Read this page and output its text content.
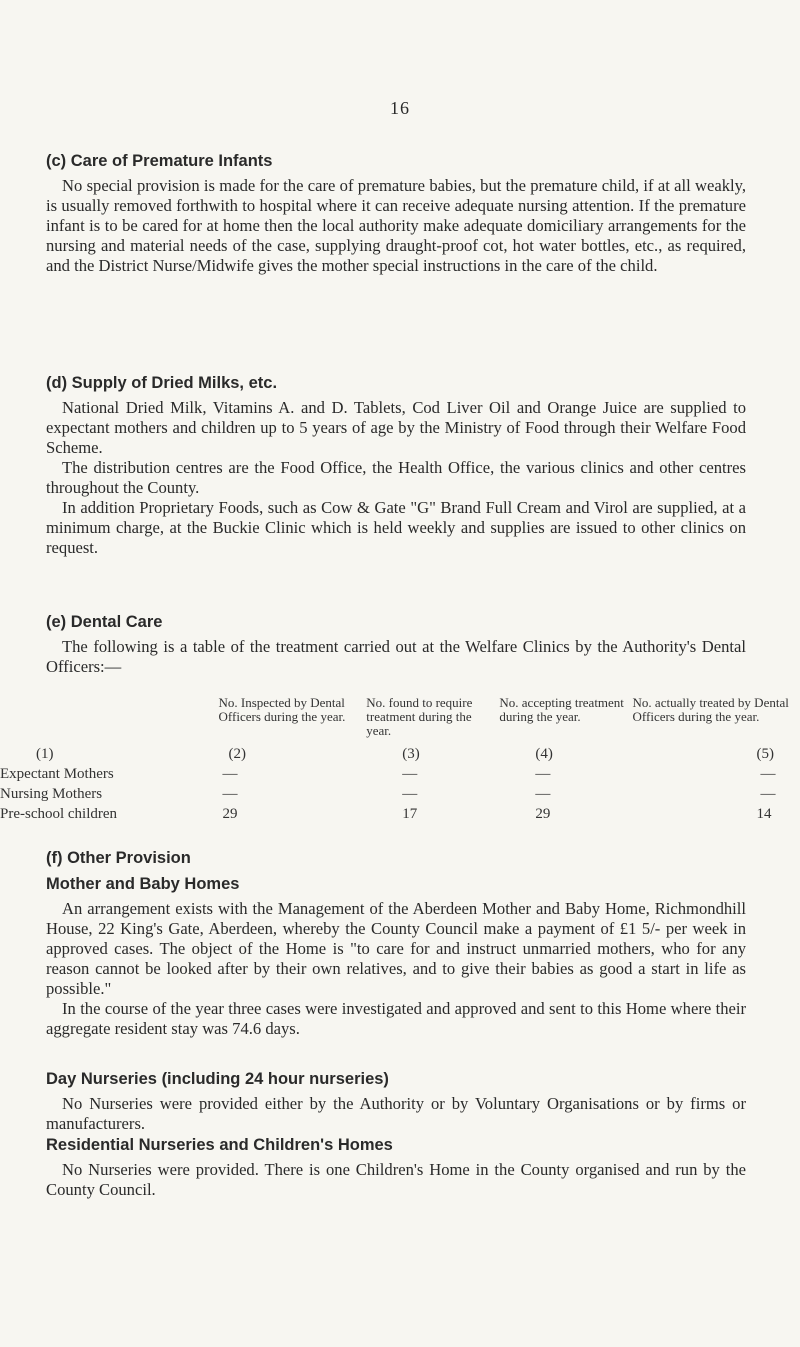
16
(c) Care of Premature Infants

No special provision is made for the care of premature babies, but the premature child, if at all weakly, is usually removed forthwith to hospital where it can receive adequate nursing attention. If the premature infant is to be cared for at home then the local authority make adequate domiciliary arrangements for the nursing and material needs of the case, supplying draught-proof cot, hot water bottles, etc., as required, and the District Nurse/Midwife gives the mother special instructions in the care of the child.

(d) Supply of Dried Milks, etc.

National Dried Milk, Vitamins A. and D. Tablets, Cod Liver Oil and Orange Juice are supplied to expectant mothers and children up to 5 years of age by the Ministry of Food through their Welfare Food Scheme.

The distribution centres are the Food Office, the Health Office, the various clinics and other centres throughout the County.

In addition Proprietary Foods, such as Cow & Gate "G" Brand Full Cream and Virol are supplied, at a minimum charge, at the Buckie Clinic which is held weekly and supplies are issued to other clinics on request.

(e) Dental Care

The following is a table of the treatment carried out at the Welfare Clinics by the Authority's Dental Officers:—

	No. Inspected by Dental Officers during the year.	No. found to require treatment during the year.	No. accepting treatment during the year.	No. actually treated by Dental Officers during the year.
(1)	(2)	(3)	(4)	(5)
Expectant Mothers	—	—	—	—
Nursing Mothers	—	—	—	—
Pre-school children	29	17	29	14
(f) Other Provision
Mother and Baby Homes

An arrangement exists with the Management of the Aberdeen Mother and Baby Home, Richmondhill House, 22 King's Gate, Aberdeen, whereby the County Council make a payment of £1 5/- per week in approved cases. The object of the Home is "to care for and instruct unmarried mothers, who for any reason cannot be looked after by their own relatives, and to give their babies as good a start in life as possible."

In the course of the year three cases were investigated and approved and sent to this Home where their aggregate resident stay was 74.6 days.

Day Nurseries (including 24 hour nurseries)

No Nurseries were provided either by the Authority or by Voluntary Organisations or by firms or manufacturers.

Residential Nurseries and Children's Homes

No Nurseries were provided. There is one Children's Home in the County organised and run by the County Council.
